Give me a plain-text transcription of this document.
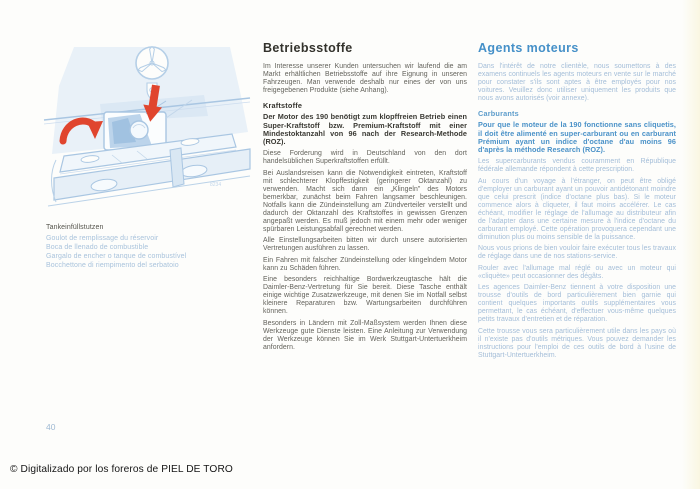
8234
Tankeinfüllstutzen
Goulot de remplissage du réservoir
Boca de llenado de combustible
Gargalo de encher o tanque de combustível
Bocchettone di riempimento del serbatoio
Betriebsstoffe

Im Interesse unserer Kunden untersuchen wir laufend die am Markt erhältlichen Betriebsstoffe auf ihre Eignung in unseren Fahrzeugen. Man verwende deshalb nur eines der von uns freigegebenen Produkte (siehe Anhang).

Kraftstoffe

Der Motor des 190 benötigt zum klopffreien Betrieb einen Super-Kraftstoff bzw. Premium-Kraftstoff mit einer Mindestoktanzahl von 96 nach der Research-Methode (ROZ).

Diese Forderung wird in Deutschland von den dort handelsüblichen Superkraftstoffen erfüllt.

Bei Auslandsreisen kann die Notwendigkeit eintreten, Kraftstoff mit schlechterer Klopffestigkeit (geringerer Oktanzahl) zu verwenden. Macht sich dann ein „Klingeln" des Motors bemerkbar, zunächst beim Fahren langsamer beschleunigen. Notfalls kann die Zündeinstellung am Zündverteiler verstellt und dadurch der Oktanzahl des Kraftstoffes in gewissen Grenzen angepaßt werden. Es muß jedoch mit einem mehr oder weniger spürbaren Leistungsabfall gerechnet werden.

Alle Einstellungsarbeiten bitten wir durch unsere autorisierten Vertretungen ausführen zu lassen.

Ein Fahren mit falscher Zündeinstellung oder klingelndem Motor kann zu Schäden führen.

Eine besonders reichhaltige Bordwerkzeugtasche hält die Daimler-Benz-Vertretung für Sie bereit. Diese Tasche enthält einige wichtige Zusatzwerkzeuge, mit denen Sie im Notfall selbst kleinere Reparaturen bzw. Wartungsarbeiten durchführen können.

Besonders in Ländern mit Zoll-Maßsystem werden Ihnen diese Werkzeuge gute Dienste leisten. Eine Anleitung zur Verwendung der Werkzeuge können Sie im Werk Stuttgart-Untertuerkheim anfordern.

Agents moteurs

Dans l'intérêt de notre clientèle, nous soumettons à des examens continuels les agents moteurs en vente sur le marché pour constater s'ils sont aptes à être employés pour nos voitures. Veuillez donc utiliser uniquement les produits que nous avons autorisés (voir annexe).

Carburants

Pour que le moteur de la 190 fonctionne sans cliquetis, il doit être alimenté en super-carburant ou en carburant Prémium ayant un indice d'octane d'au moins 96 d'après la méthode Research (ROZ).

Les supercarburants vendus couramment en République fédérale allemande répondent à cette prescription.

Au cours d'un voyage à l'étranger, on peut être obligé d'employer un carburant ayant un pouvoir antidétonant moindre que celui prescrit (indice d'octane plus bas). Si le moteur commence alors à cliqueter, il faut moins accélérer. Le cas échéant, modifier le réglage de l'allumage au distributeur afin de l'adapter dans une certaine mesure à l'indice d'octane du carburant employé. Cette opération provoquera cependant une diminution plus ou moins sensible de la puissance.

Nous vous prions de bien vouloir faire exécuter tous les travaux de réglage dans une de nos stations-service.

Rouler avec l'allumage mal réglé ou avec un moteur qui «cliquète» peut occasionner des dégâts.

Les agences Daimler-Benz tiennent à votre disposition une trousse d'outils de bord particulièrement bien garnie qui contient quelques importants outils supplémentaires vous permettant, le cas échéant, d'effectuer vous-même quelques petits travaux d'entretien et de réparation.

Cette trousse vous sera particulièrement utile dans les pays où il n'existe pas d'outils métriques. Vous pouvez demander les instructions pour l'emploi de ces outils de bord à l'usine de Stuttgart-Untertuerkheim.

40
© Digitalizado por los foreros de PIEL DE TORO
